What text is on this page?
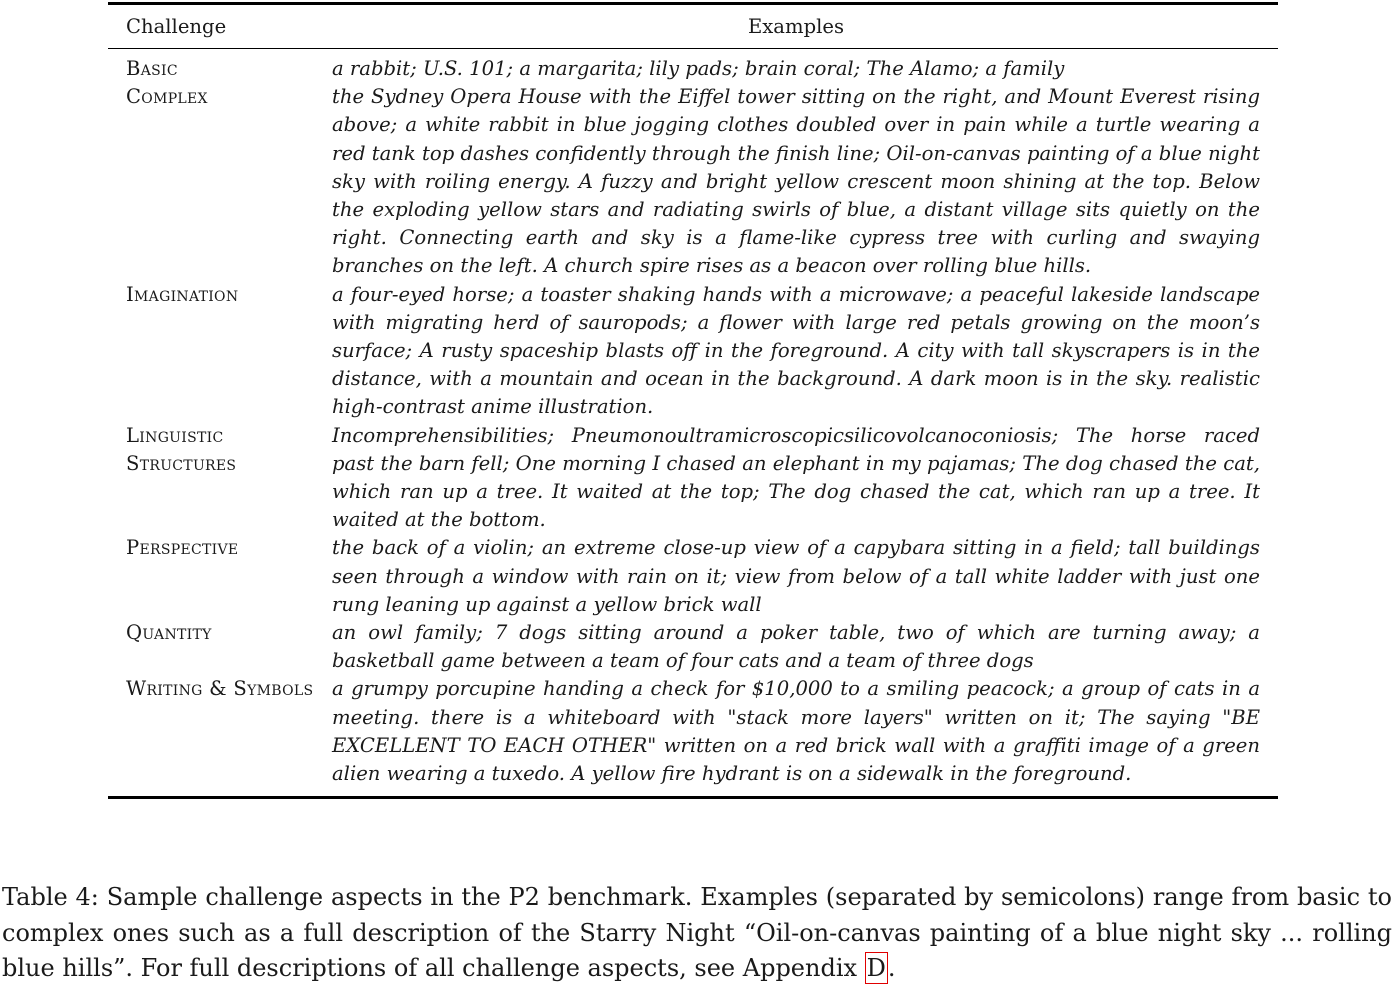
Challenge	Examples
Basic	a rabbit; U.S. 101; a margarita; lily pads; brain coral; The Alamo; a family
Complex	the Sydney Opera House with the Eiffel tower sitting on the right, and Mount Everest rising above; a white rabbit in blue jogging clothes doubled over in pain while a turtle wearing a red tank top dashes confidently through the finish line; Oil-on-canvas painting of a blue night sky with roiling energy. A fuzzy and bright yellow crescent moon shining at the top. Below the exploding yellow stars and radiating swirls of blue, a distant village sits quietly on the right. Connecting earth and sky is a flame-like cypress tree with curling and swaying branches on the left. A church spire rises as a beacon over rolling blue hills.
Imagination	a four-eyed horse; a toaster shaking hands with a microwave; a peaceful lakeside landscape with migrating herd of sauropods; a flower with large red petals growing on the moon’s surface; A rusty spaceship blasts off in the foreground. A city with tall skyscrapers is in the distance, with a mountain and ocean in the background. A dark moon is in the sky. realistic high-contrast anime illustration.
Linguistic Structures	Incomprehensibilities; Pneumonoultramicroscopicsilicovolcanoconiosis; The horse raced past the barn fell; One morning I chased an elephant in my pajamas; The dog chased the cat, which ran up a tree. It waited at the top; The dog chased the cat, which ran up a tree. It waited at the bottom.
Perspective	the back of a violin; an extreme close-up view of a capybara sitting in a field; tall buildings seen through a window with rain on it; view from below of a tall white ladder with just one rung leaning up against a yellow brick wall
Quantity	an owl family; 7 dogs sitting around a poker table, two of which are turning away; a basketball game between a team of four cats and a team of three dogs
Writing & Symbols	a grumpy porcupine handing a check for $10,000 to a smiling peacock; a group of cats in a meeting. there is a whiteboard with "stack more layers" written on it; The saying "BE EXCELLENT TO EACH OTHER" written on a red brick wall with a graffiti image of a green alien wearing a tuxedo. A yellow fire hydrant is on a sidewalk in the foreground.
Table 4: Sample challenge aspects in the P2 benchmark. Examples (separated by semicolons) range from basic to complex ones such as a full description of the Starry Night “Oil-on-canvas painting of a blue night sky ... rolling blue hills”. For full descriptions of all challenge aspects, see Appendix D.
